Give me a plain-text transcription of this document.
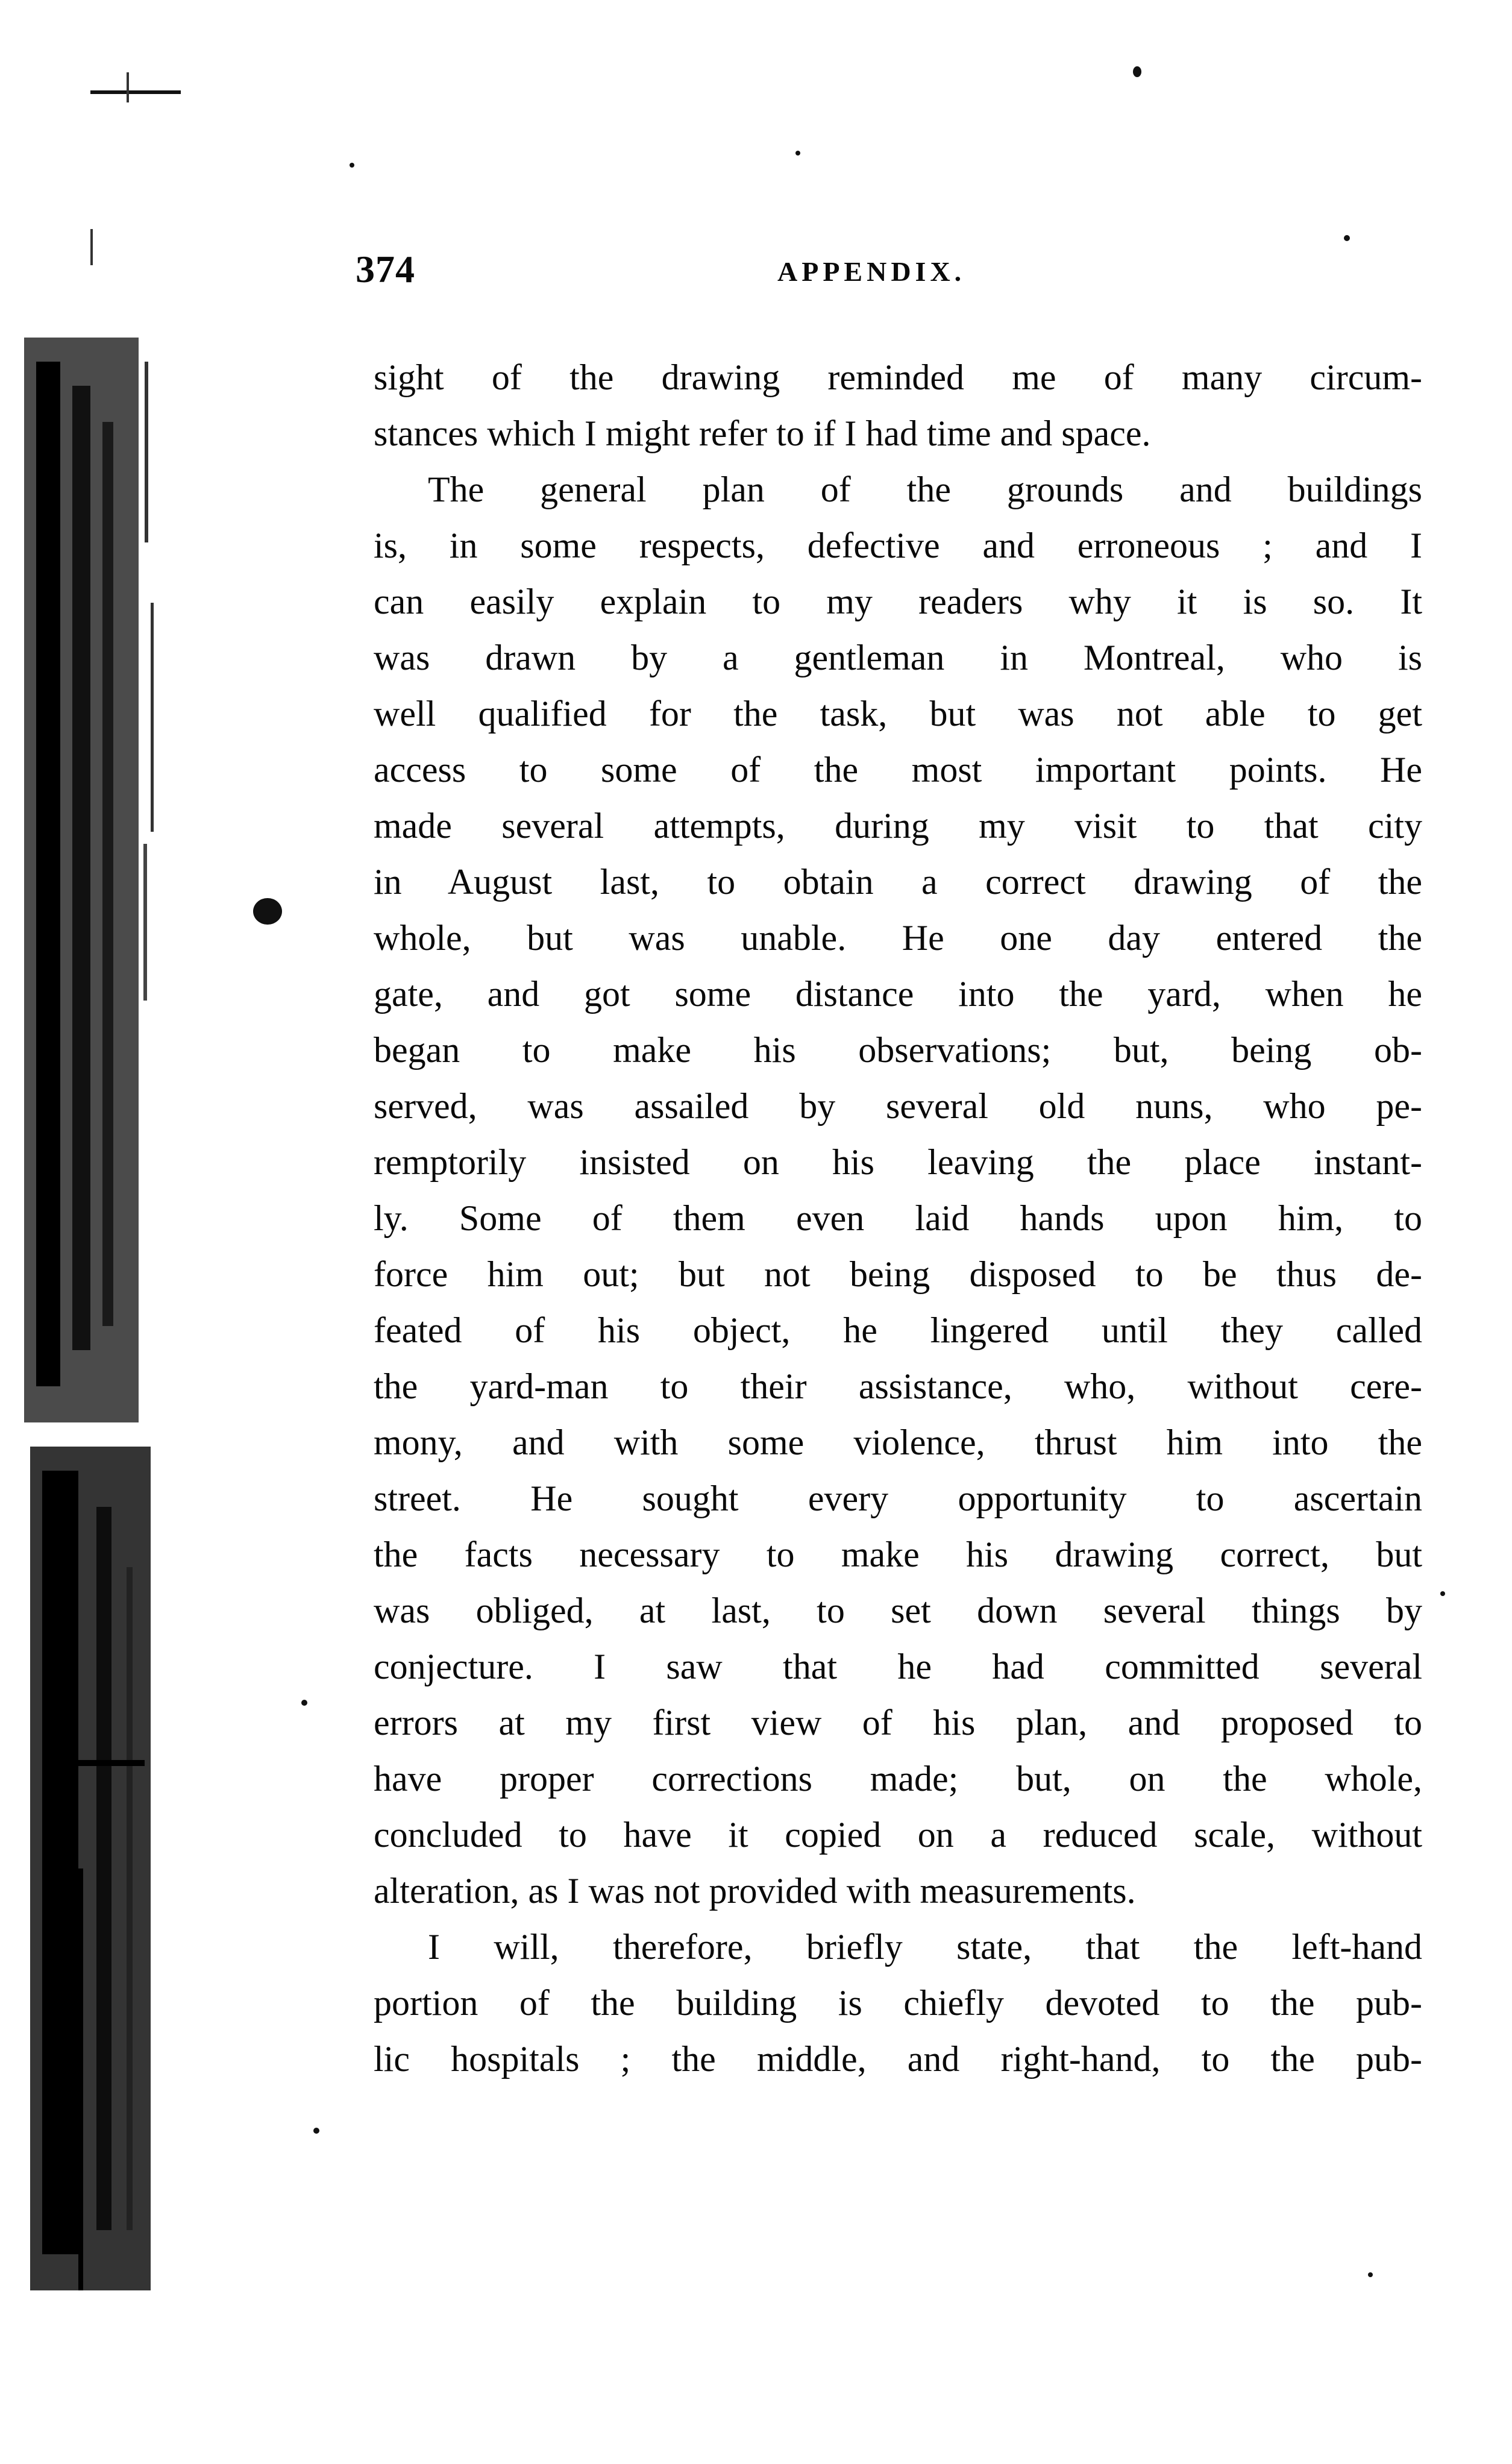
374	APPENDIX.
sight of the drawing reminded me of many circum-
stances which I might refer to if I had time and space.
The general plan of the grounds and buildings
is, in some respects, defective and erroneous ; and I
can easily explain to my readers why it is so. It
was drawn by a gentleman in Montreal, who is
well qualified for the task, but was not able to get
access to some of the most important points. He
made several attempts, during my visit to that city
in August last, to obtain a correct drawing of the
whole, but was unable. He one day entered the
gate, and got some distance into the yard, when he
began to make his observations; but, being ob-
served, was assailed by several old nuns, who pe-
remptorily insisted on his leaving the place instant-
ly. Some of them even laid hands upon him, to
force him out; but not being disposed to be thus de-
feated of his object, he lingered until they called
the yard-man to their assistance, who, without cere-
mony, and with some violence, thrust him into the
street. He sought every opportunity to ascertain
the facts necessary to make his drawing correct, but
was obliged, at last, to set down several things by
conjecture. I saw that he had committed several
errors at my first view of his plan, and proposed to
have proper corrections made; but, on the whole,
concluded to have it copied on a reduced scale, without
alteration, as I was not provided with measurements.
I will, therefore, briefly state, that the left-hand
portion of the building is chiefly devoted to the pub-
lic hospitals ; the middle, and right-hand, to the pub-
